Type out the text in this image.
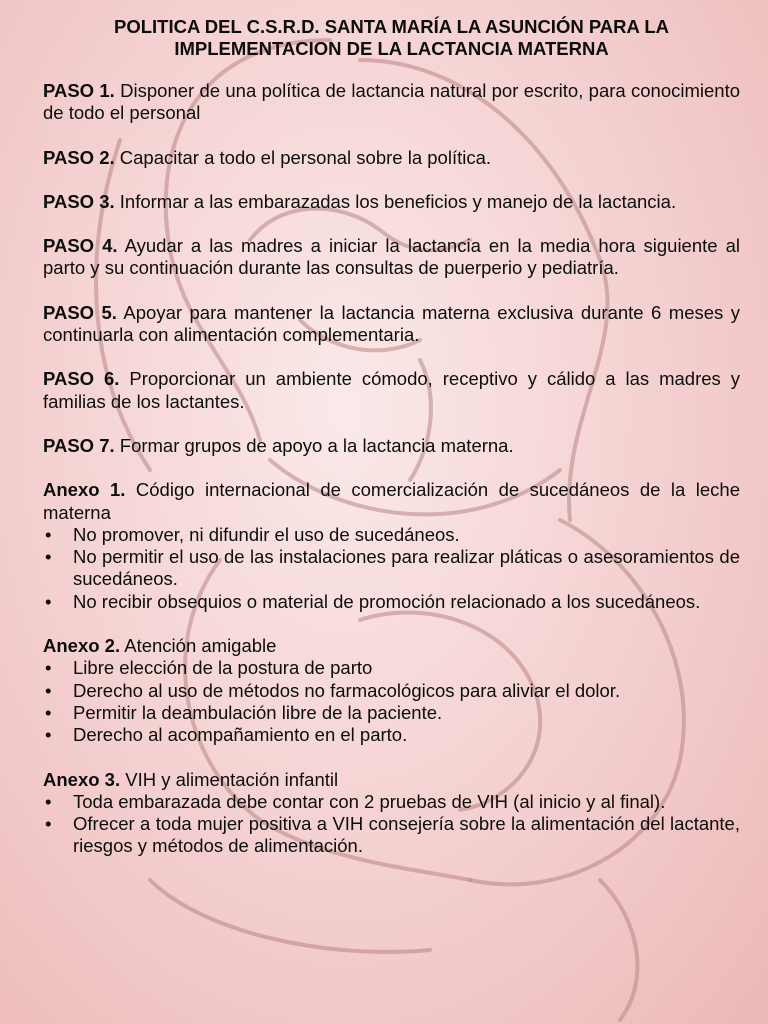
POLITICA DEL C.S.R.D. SANTA MARÍA LA ASUNCIÓN PARA LA IMPLEMENTACION DE LA LACTANCIA MATERNA

PASO 1. Disponer de una política de lactancia natural por escrito, para conocimiento de todo el personal

PASO 2. Capacitar a todo el personal sobre la política.

PASO 3. Informar a las embarazadas los beneficios y manejo de la lactancia.

PASO 4. Ayudar a las madres a iniciar la lactancia en la media hora siguiente al parto y su continuación durante las consultas de puerperio y pediatría.

PASO 5. Apoyar para mantener la lactancia materna exclusiva durante 6 meses y continuarla con alimentación complementaria.

PASO 6. Proporcionar un ambiente cómodo, receptivo y cálido a las madres y familias de los lactantes.

PASO 7. Formar grupos de apoyo a la lactancia materna.

Anexo 1. Código internacional de comercialización de sucedáneos de la leche materna

• No promover, ni difundir el uso de sucedáneos.
• No permitir el uso de las instalaciones para realizar pláticas o asesoramientos de sucedáneos.
• No recibir obsequios o material de promoción relacionado a los sucedáneos.

Anexo 2. Atención amigable

• Libre elección de la postura de parto
• Derecho al uso de métodos no farmacológicos para aliviar el dolor.
• Permitir la deambulación libre de la paciente.
• Derecho al acompañamiento en el parto.

Anexo 3. VIH y alimentación infantil

• Toda embarazada debe contar con 2 pruebas de VIH (al inicio y al final).
• Ofrecer a toda mujer positiva a VIH consejería sobre la alimentación del lactante, riesgos y métodos de alimentación.
